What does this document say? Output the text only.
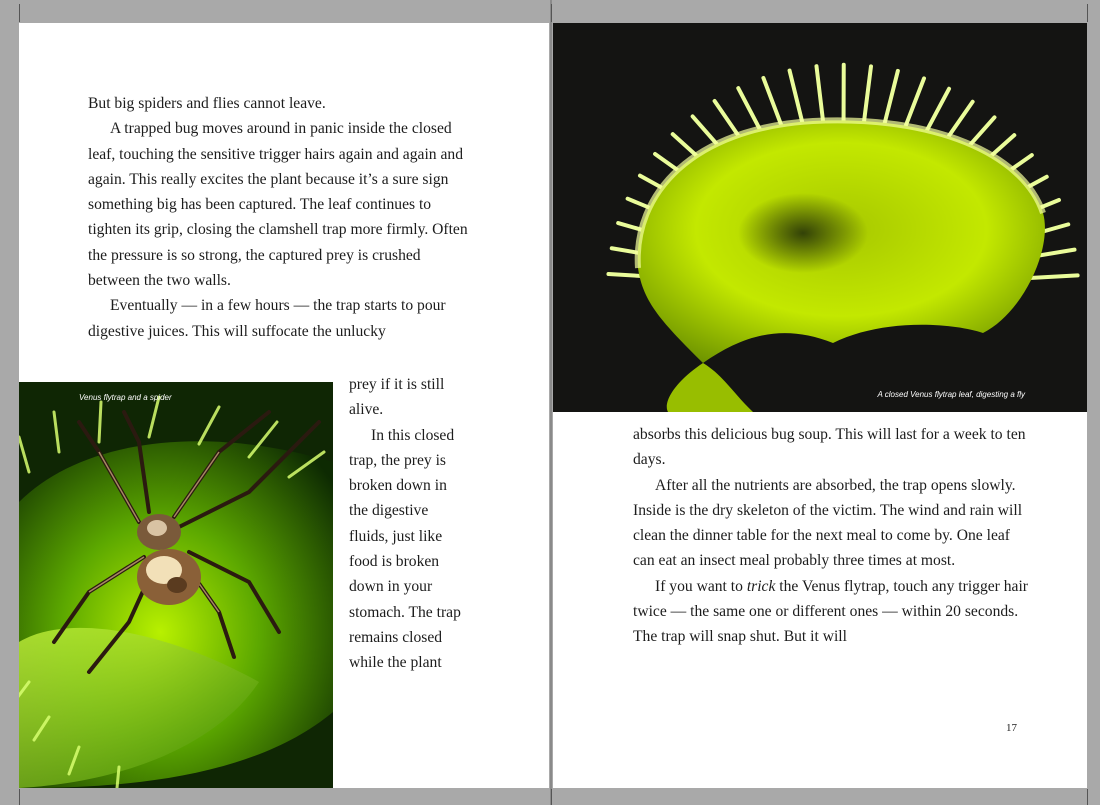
But big spiders and flies cannot leave.

A trapped bug moves around in panic inside the closed leaf, touching the sensitive trigger hairs again and again and again. This really excites the plant because it’s a sure sign something big has been captured. The leaf continues to tighten its grip, closing the clamshell trap more firmly. Often the pressure is so strong, the captured prey is crushed between the two walls.

Eventually — in a few hours — the trap starts to pour digestive juices. This will suffocate the unlucky

prey if it is still
alive.
In this closed
trap, the prey is
broken down in
the digestive
fluids, just like
food is broken
down in your
stomach. The trap
remains closed
while the plant
Venus flytrap and a spider	A closed Venus flytrap leaf, digesting a fly

absorbs this delicious bug soup. This will last for a week to ten days.

After all the nutrients are absorbed, the trap opens slowly. Inside is the dry skeleton of the victim. The wind and rain will clean the dinner table for the next meal to come by. One leaf can eat an insect meal probably three times at most.

If you want to trick the Venus flytrap, touch any trigger hair twice — the same one or different ones — within 20 seconds. The trap will snap shut. But it will

17
